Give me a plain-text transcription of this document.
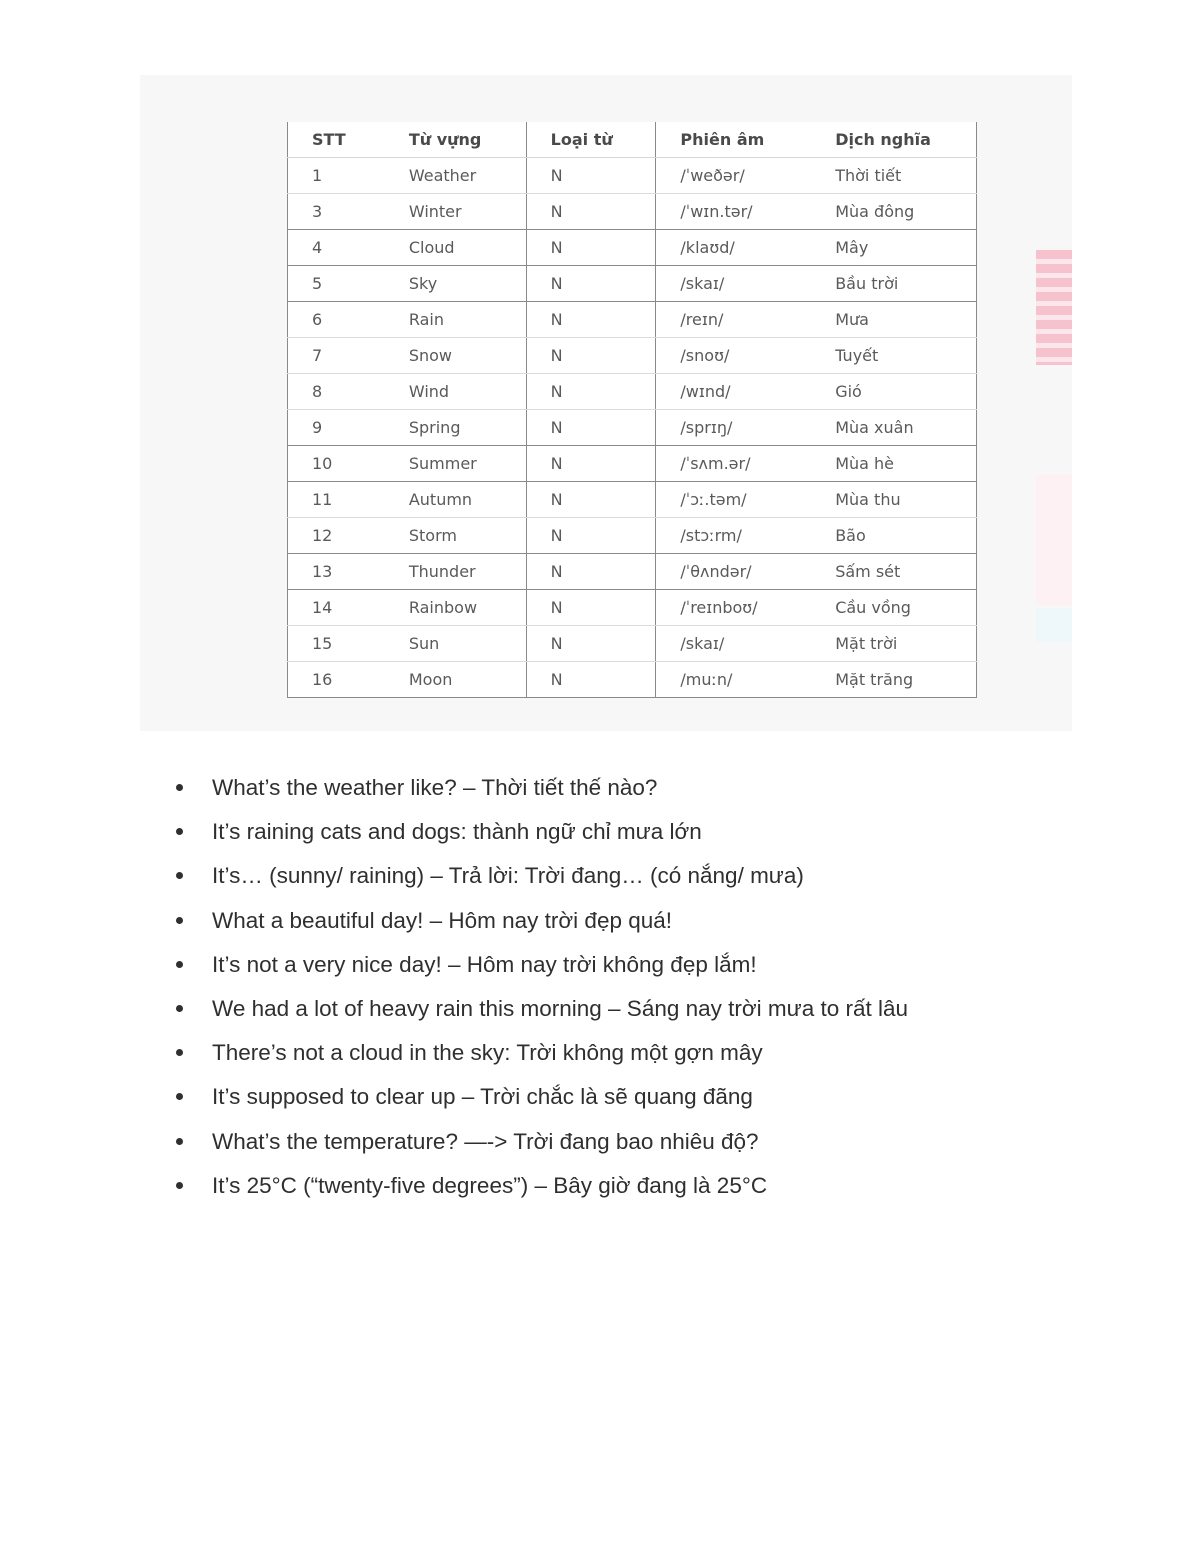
STT	Từ vựng	Loại từ	Phiên âm	Dịch nghĩa
1	Weather	N	/ˈweðər/	Thời tiết
3	Winter	N	/ˈwɪn.tər/	Mùa đông
4	Cloud	N	/klaʊd/	Mây
5	Sky	N	/skaɪ/	Bầu trời
6	Rain	N	/reɪn/	Mưa
7	Snow	N	/snoʊ/	Tuyết
8	Wind	N	/wɪnd/	Gió
9	Spring	N	/sprɪŋ/	Mùa xuân
10	Summer	N	/ˈsʌm.ər/	Mùa hè
11	Autumn	N	/ˈɔː.təm/	Mùa thu
12	Storm	N	/stɔːrm/	Bão
13	Thunder	N	/ˈθʌndər/	Sấm sét
14	Rainbow	N	/ˈreɪnboʊ/	Cầu vồng
15	Sun	N	/skaɪ/	Mặt trời
16	Moon	N	/muːn/	Mặt trăng
What’s the weather like? – Thời tiết thế nào?
It’s raining cats and dogs: thành ngữ chỉ mưa lớn
It’s… (sunny/ raining) – Trả lời: Trời đang… (có nắng/ mưa)
What a beautiful day! – Hôm nay trời đẹp quá!
It’s not a very nice day! – Hôm nay trời không đẹp lắm!
We had a lot of heavy rain this morning – Sáng nay trời mưa to rất lâu
There’s not a cloud in the sky: Trời không một gợn mây
It’s supposed to clear up – Trời chắc là sẽ quang đãng
What’s the temperature? —-> Trời đang bao nhiêu độ?
It’s 25°C (“twenty-five degrees”) – Bây giờ đang là 25°C
